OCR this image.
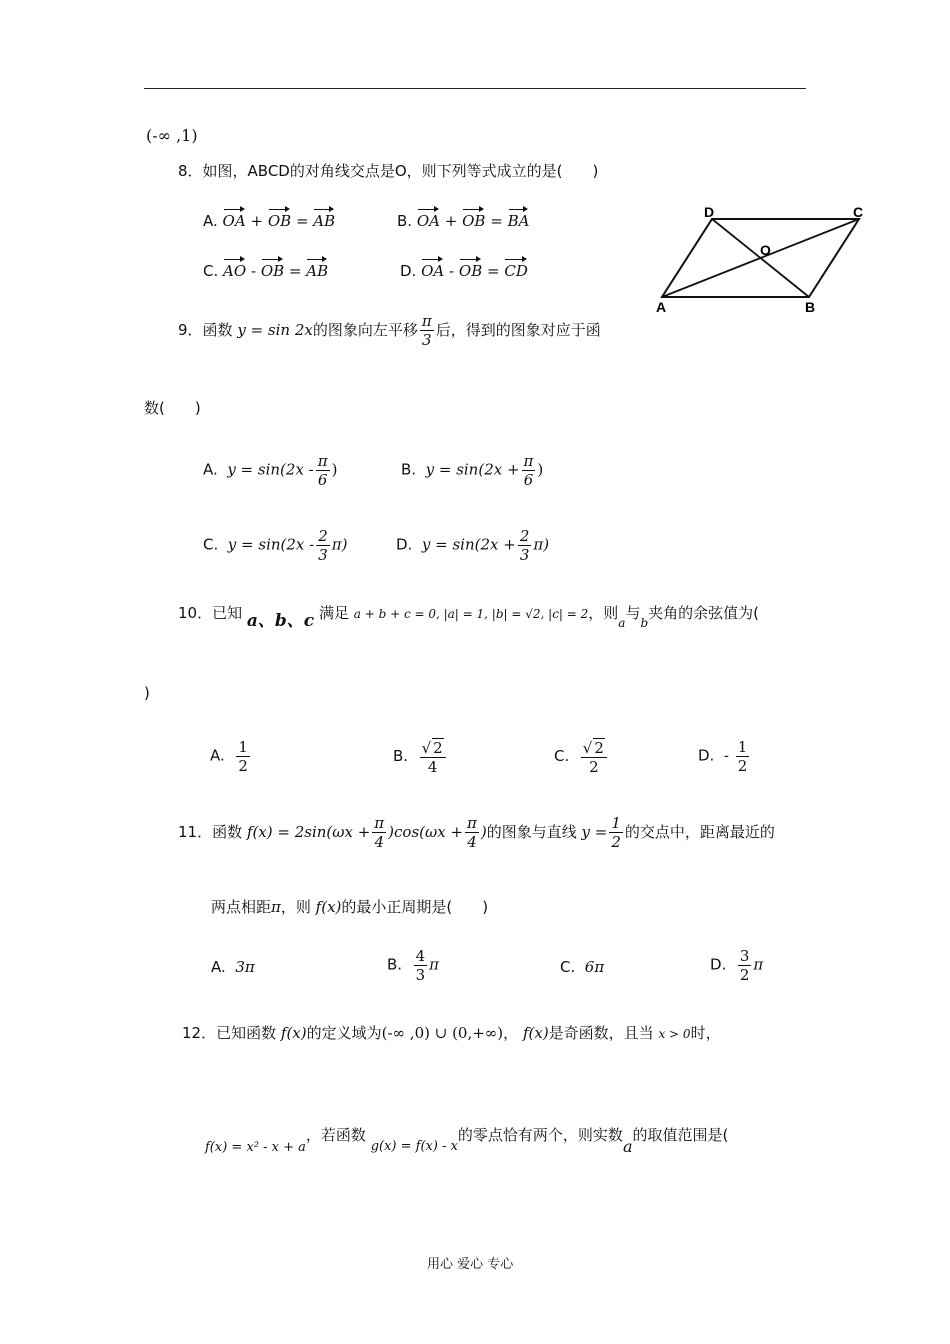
(-∞ ,1)
8．如图，ABCD的对角线交点是O，则下列等式成立的是(　　)
A. OA + OB = AB	B. OA + OB = BA
C. AO - OB = AB	D. OA - OB = CD
D	C
A	B
O
9．函数 y = sin 2x的图象向左平移 $\frac{\pi}{3}$ 后，得到的图象对应于函
数(　　)
A. $y = \sin(2x - \frac{\pi}{6}$ )	B. $y = \sin(2x + \frac{\pi}{6}$ )
C. $y = \sin(2x - \frac{2}{3} \pi)$	D. $y = \sin(2x + \frac{2}{3} \pi)$
10．已知 a、b、c 满足 a + b + c = 0, |a| = 1, |b| = √2, |c| = 2，则$_a$与$_b$夹角的余弦值为(
)
A. $\frac{1}{2}$	B. $\frac{√ 2}{4}$	C. $\frac{√ 2}{2}$	D. - $\frac{1}{2}$
11．函数 $f(x) = 2\sin(\omega x + \frac{\pi}{4} )\cos(\omega x + \frac{\pi}{4}$ )的图象与直线 $y = \frac{1}{2}$ 的交点中，距离最近的
两点相距π，则 f(x)的最小正周期是(　　)
A. 3π	B. $\frac{4}{3}$ π	C. 6π	D. $\frac{3}{2}$ π
12．已知函数 f(x)的定义域为(-∞ ,0) ∪ (0,+∞)， f(x)是奇函数，且当 x > 0时，
f(x) = x² - x + a，若函数 g(x) = f(x) - x的零点恰有两个，则实数a的取值范围是(
用心 爱心 专心
